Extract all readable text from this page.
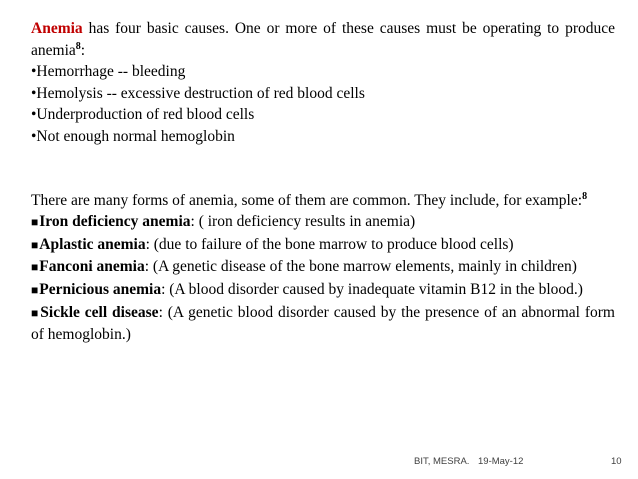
Anemia has four basic causes. One or more of these causes must be operating to produce anemia$^8$:
•Hemorrhage -- bleeding
•Hemolysis -- excessive destruction of red blood cells
•Underproduction of red blood cells
•Not enough normal hemoglobin
There are many forms of anemia, some of them are common. They include, for example:$^8$
■Iron deficiency anemia: ( iron deficiency results in anemia)
■Aplastic anemia: (due to failure of the bone marrow to produce blood cells)
■Fanconi anemia: (A genetic disease of the bone marrow elements, mainly in children)
■Pernicious anemia: (A blood disorder caused by inadequate vitamin B12 in the blood.)
■Sickle cell disease: (A genetic blood disorder caused by the presence of an abnormal form of hemoglobin.)
BIT, MESRA. 19-May-12	10
